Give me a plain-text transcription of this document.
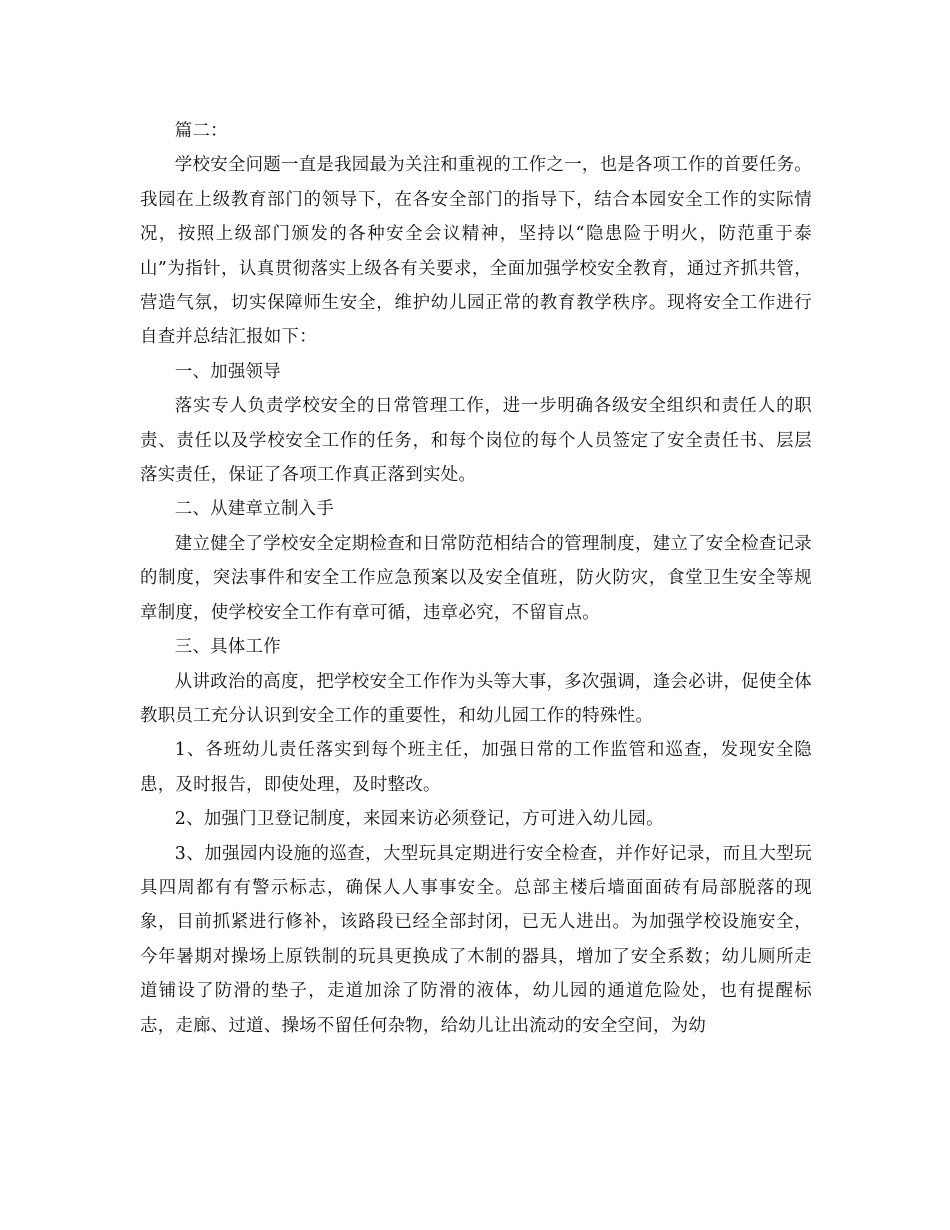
篇二：

学校安全问题一直是我园最为关注和重视的工作之一，也是各项工作的首要任务。我园在上级教育部门的领导下，在各安全部门的指导下，结合本园安全工作的实际情况，按照上级部门颁发的各种安全会议精神，坚持以“隐患险于明火，防范重于泰山”为指针，认真贯彻落实上级各有关要求，全面加强学校安全教育，通过齐抓共管，营造气氛，切实保障师生安全，维护幼儿园正常的教育教学秩序。现将安全工作进行自查并总结汇报如下：

一、加强领导

落实专人负责学校安全的日常管理工作，进一步明确各级安全组织和责任人的职责、责任以及学校安全工作的任务，和每个岗位的每个人员签定了安全责任书、层层落实责任，保证了各项工作真正落到实处。

二、从建章立制入手

建立健全了学校安全定期检查和日常防范相结合的管理制度，建立了安全检查记录的制度，突法事件和安全工作应急预案以及安全值班，防火防灾，食堂卫生安全等规章制度，使学校安全工作有章可循，违章必究，不留盲点。

三、具体工作

从讲政治的高度，把学校安全工作作为头等大事，多次强调，逢会必讲，促使全体教职员工充分认识到安全工作的重要性，和幼儿园工作的特殊性。

1、各班幼儿责任落实到每个班主任，加强日常的工作监管和巡查，发现安全隐患，及时报告，即使处理，及时整改。

2、加强门卫登记制度，来园来访必须登记，方可进入幼儿园。

3、加强园内设施的巡查，大型玩具定期进行安全检查，并作好记录，而且大型玩具四周都有有警示标志，确保人人事事安全。总部主楼后墙面面砖有局部脱落的现象，目前抓紧进行修补，该路段已经全部封闭，已无人进出。为加强学校设施安全，今年暑期对操场上原铁制的玩具更换成了木制的器具，增加了安全系数；幼儿厕所走道铺设了防滑的垫子，走道加涂了防滑的液体，幼儿园的通道危险处，也有提醒标志，走廊、过道、操场不留任何杂物，给幼儿让出流动的安全空间，为幼
